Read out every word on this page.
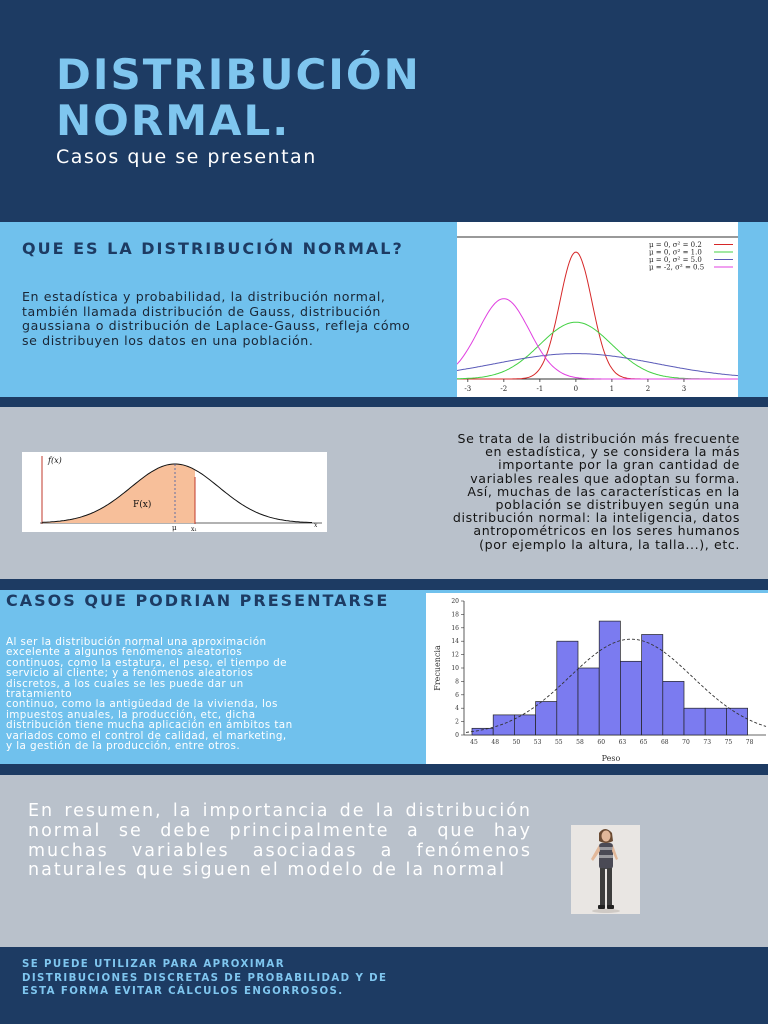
DISTRIBUCIÓN
NORMAL.
Casos que se presentan
QUE ES LA DISTRIBUCIÓN NORMAL?
En estadística y probabilidad, la distribución normal, también llamada distribución de Gauss, distribución gaussiana o distribución de Laplace-Gauss, refleja cómo se distribuyen los datos en una población.
-3	-2	-1	0	1	2	3
μ = 0, σ² = 0.2
μ = 0, σ² = 1.0
μ = 0, σ² = 5.0
μ = -2, σ² = 0.5
f(x)
F(x)
μ x₁
x
Se trata de la distribución más frecuente
en estadística, y se considera la más
importante por la gran cantidad de
variables reales que adoptan su forma.
Así, muchas de las características en la
población se distribuyen según una
distribución normal: la inteligencia, datos
antropométricos en los seres humanos
(por ejemplo la altura, la talla...), etc.
CASOS QUE PODRIAN PRESENTARSE
Al ser la distribución normal una aproximación
excelente a algunos fenómenos aleatorios
continuos, como la estatura, el peso, el tiempo de
servicio al cliente; y a fenómenos aleatorios
discretos, a los cuales se les puede dar un
tratamiento
continuo, como la antigüedad de la vivienda, los
impuestos anuales, la producción, etc, dicha
distribución tiene mucha aplicación en ámbitos tan
variados como el control de calidad, el marketing,
y la gestión de la producción, entre otros.
0
2
4
6
8
10
12
14
16
18
20
45 48 50 53 55 58 60 63 65 68 70 73 75 78
Frecuencia
Peso
En resumen, la importancia de la distribución normal se debe principalmente a que hay muchas variables asociadas a fenómenos naturales que siguen el modelo de la normal
SE PUEDE UTILIZAR PARA APROXIMAR DISTRIBUCIONES DISCRETAS DE PROBABILIDAD Y DE ESTA FORMA EVITAR CÁLCULOS ENGORROSOS.
